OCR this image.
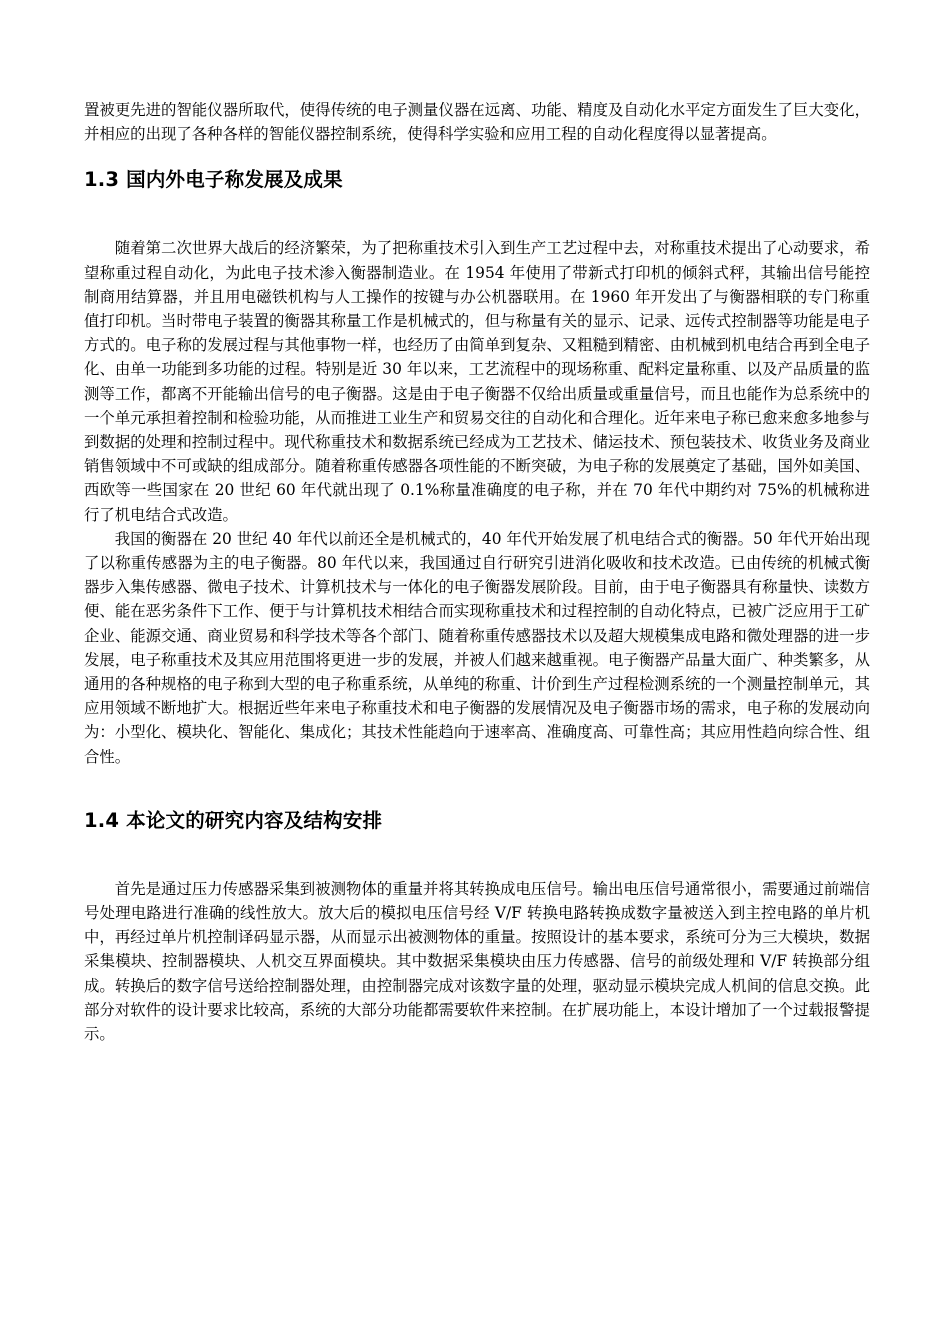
置被更先进的智能仪器所取代，使得传统的电子测量仪器在远离、功能、精度及自动化水平定方面发生了巨大变化，并相应的出现了各种各样的智能仪器控制系统，使得科学实验和应用工程的自动化程度得以显著提高。

1.3 国内外电子称发展及成果

随着第二次世界大战后的经济繁荣，为了把称重技术引入到生产工艺过程中去，对称重技术提出了心动要求，希望称重过程自动化，为此电子技术渗入衡器制造业。在 1954 年使用了带新式打印机的倾斜式秤，其输出信号能控制商用结算器，并且用电磁铁机构与人工操作的按键与办公机器联用。在 1960 年开发出了与衡器相联的专门称重值打印机。当时带电子装置的衡器其称量工作是机械式的，但与称量有关的显示、记录、远传式控制器等功能是电子方式的。电子称的发展过程与其他事物一样，也经历了由简单到复杂、又粗糙到精密、由机械到机电结合再到全电子化、由单一功能到多功能的过程。特别是近 30 年以来，工艺流程中的现场称重、配料定量称重、以及产品质量的监测等工作，都离不开能输出信号的电子衡器。这是由于电子衡器不仅给出质量或重量信号，而且也能作为总系统中的一个单元承担着控制和检验功能，从而推进工业生产和贸易交往的自动化和合理化。近年来电子称已愈来愈多地参与到数据的处理和控制过程中。现代称重技术和数据系统已经成为工艺技术、储运技术、预包装技术、收货业务及商业销售领域中不可或缺的组成部分。随着称重传感器各项性能的不断突破，为电子称的发展奠定了基础，国外如美国、西欧等一些国家在 20 世纪 60 年代就出现了 0.1%称量准确度的电子称，并在 70 年代中期约对 75%的机械称进行了机电结合式改造。

我国的衡器在 20 世纪 40 年代以前还全是机械式的，40 年代开始发展了机电结合式的衡器。50 年代开始出现了以称重传感器为主的电子衡器。80 年代以来，我国通过自行研究引进消化吸收和技术改造。已由传统的机械式衡器步入集传感器、微电子技术、计算机技术与一体化的电子衡器发展阶段。目前，由于电子衡器具有称量快、读数方便、能在恶劣条件下工作、便于与计算机技术相结合而实现称重技术和过程控制的自动化特点，已被广泛应用于工矿企业、能源交通、商业贸易和科学技术等各个部门、随着称重传感器技术以及超大规模集成电路和微处理器的进一步发展，电子称重技术及其应用范围将更进一步的发展，并被人们越来越重视。电子衡器产品量大面广、种类繁多，从通用的各种规格的电子称到大型的电子称重系统，从单纯的称重、计价到生产过程检测系统的一个测量控制单元，其应用领域不断地扩大。根据近些年来电子称重技术和电子衡器的发展情况及电子衡器市场的需求，电子称的发展动向为：小型化、模块化、智能化、集成化；其技术性能趋向于速率高、准确度高、可靠性高；其应用性趋向综合性、组合性。

1.4 本论文的研究内容及结构安排

首先是通过压力传感器采集到被测物体的重量并将其转换成电压信号。输出电压信号通常很小，需要通过前端信号处理电路进行准确的线性放大。放大后的模拟电压信号经 V/F 转换电路转换成数字量被送入到主控电路的单片机中，再经过单片机控制译码显示器，从而显示出被测物体的重量。按照设计的基本要求，系统可分为三大模块，数据采集模块、控制器模块、人机交互界面模块。其中数据采集模块由压力传感器、信号的前级处理和 V/F 转换部分组成。转换后的数字信号送给控制器处理，由控制器完成对该数字量的处理，驱动显示模块完成人机间的信息交换。此部分对软件的设计要求比较高，系统的大部分功能都需要软件来控制。在扩展功能上，本设计增加了一个过载报警提示。
